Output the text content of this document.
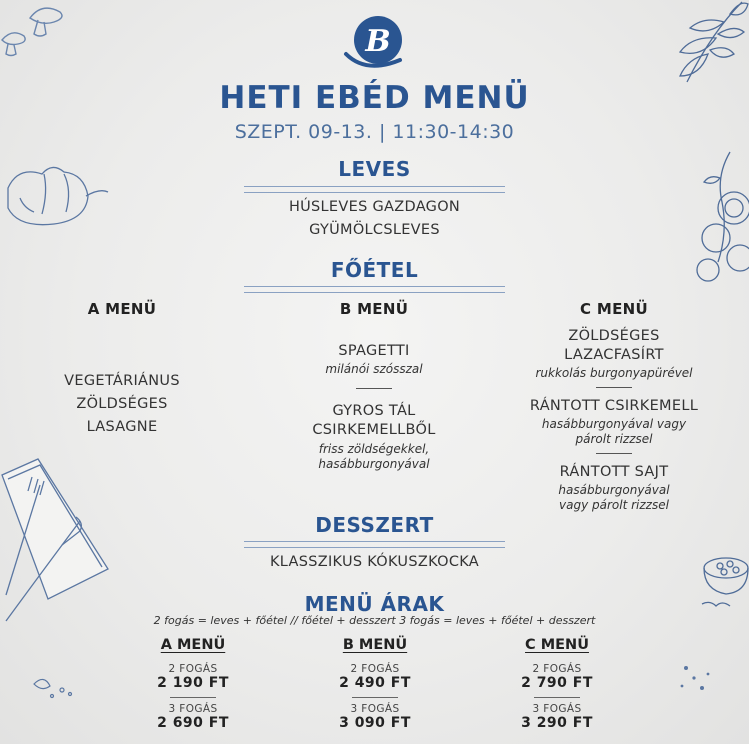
B
HETI EBÉD MENÜ
SZEPT. 09-13. | 11:30-14:30
LEVES
HÚSLEVES GAZDAGON
GYÜMÖLCSLEVES
FŐÉTEL
A MENÜ
VEGETÁRIÁNUS
ZÖLDSÉGES
LASAGNE
B MENÜ
SPAGETTI
milánói szósszal
GYROS TÁL
CSIRKEMELLBŐL
friss zöldségekkel,
hasábburgonyával
C MENÜ
ZÖLDSÉGES
LAZACFASÍRT
rukkolás burgonyapürével
RÁNTOTT CSIRKEMELL
hasábburgonyával vagy
párolt rizzsel
RÁNTOTT SAJT
hasábburgonyával
vagy párolt rizzsel
DESSZERT
KLASSZIKUS KÓKUSZKOCKA
MENÜ ÁRAK
2 fogás = leves + főétel // főétel + desszert 3 fogás = leves + főétel + desszert
A MENÜ
2 FOGÁS
2 190 FT
3 FOGÁS
2 690 FT
B MENÜ
2 FOGÁS
2 490 FT
3 FOGÁS
3 090 FT
C MENÜ
2 FOGÁS
2 790 FT
3 FOGÁS
3 290 FT
